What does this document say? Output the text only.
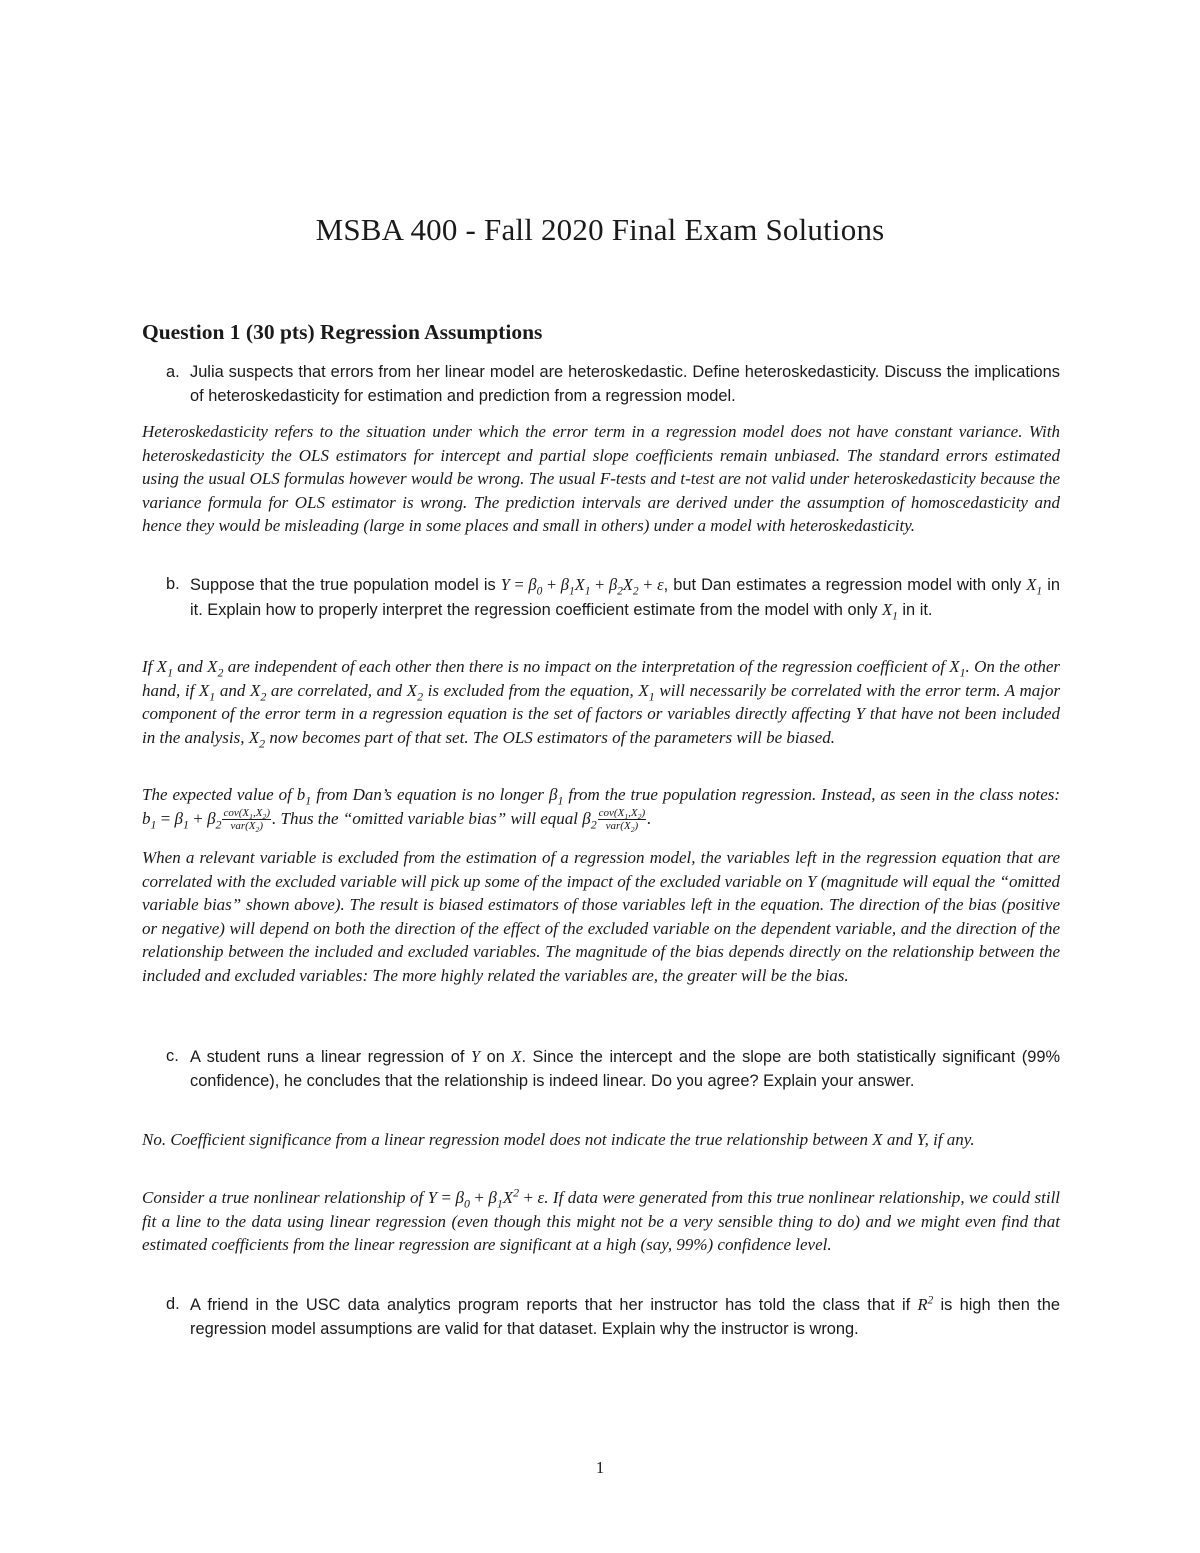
MSBA 400 - Fall 2020 Final Exam Solutions
Question 1 (30 pts) Regression Assumptions
a. Julia suspects that errors from her linear model are heteroskedastic. Define heteroskedasticity. Discuss the implications of heteroskedasticity for estimation and prediction from a regression model.
Heteroskedasticity refers to the situation under which the error term in a regression model does not have constant variance. With heteroskedasticity the OLS estimators for intercept and partial slope coefficients remain unbiased. The standard errors estimated using the usual OLS formulas however would be wrong. The usual F-tests and t-test are not valid under heteroskedasticity because the variance formula for OLS estimator is wrong. The prediction intervals are derived under the assumption of homoscedasticity and hence they would be misleading (large in some places and small in others) under a model with heteroskedasticity.
b. Suppose that the true population model is $Y = \beta_0 + \beta_1X_1 + \beta_2X_2 + \varepsilon$, but Dan estimates a regression model with only $X_1$ in it. Explain how to properly interpret the regression coefficient estimate from the model with only $X_1$ in it.
If $X_1$ and $X_2$ are independent of each other then there is no impact on the interpretation of the regression coefficient of $X_1$. On the other hand, if $X_1$ and $X_2$ are correlated, and $X_2$ is excluded from the equation, $X_1$ will necessarily be correlated with the error term. A major component of the error term in a regression equation is the set of factors or variables directly affecting Y that have not been included in the analysis, $X_2$ now becomes part of that set. The OLS estimators of the parameters will be biased.
The expected value of $b_1$ from Dan’s equation is no longer $\beta_1$ from the true population regression. Instead, as seen in the class notes: $b_1 = \beta_1 + \beta_2 \frac{cov(X_1,X_2)}{var(X_2)}$ . Thus the “omitted variable bias” will equal $\beta_2 \frac{cov(X_1,X_2)}{var(X_2)}$ .
When a relevant variable is excluded from the estimation of a regression model, the variables left in the regression equation that are correlated with the excluded variable will pick up some of the impact of the excluded variable on Y (magnitude will equal the “omitted variable bias” shown above). The result is biased estimators of those variables left in the equation. The direction of the bias (positive or negative) will depend on both the direction of the effect of the excluded variable on the dependent variable, and the direction of the relationship between the included and excluded variables. The magnitude of the bias depends directly on the relationship between the included and excluded variables: The more highly related the variables are, the greater will be the bias.
c. A student runs a linear regression of Y on X. Since the intercept and the slope are both statistically significant (99% confidence), he concludes that the relationship is indeed linear. Do you agree? Explain your answer.
No. Coefficient significance from a linear regression model does not indicate the true relationship between X and Y, if any.
Consider a true nonlinear relationship of $Y = \beta_0 + \beta_1X^2 + \varepsilon$. If data were generated from this true nonlinear relationship, we could still fit a line to the data using linear regression (even though this might not be a very sensible thing to do) and we might even find that estimated coefficients from the linear regression are significant at a high (say, 99%) confidence level.
d. A friend in the USC data analytics program reports that her instructor has told the class that if $R^2$ is high then the regression model assumptions are valid for that dataset. Explain why the instructor is wrong.
1
